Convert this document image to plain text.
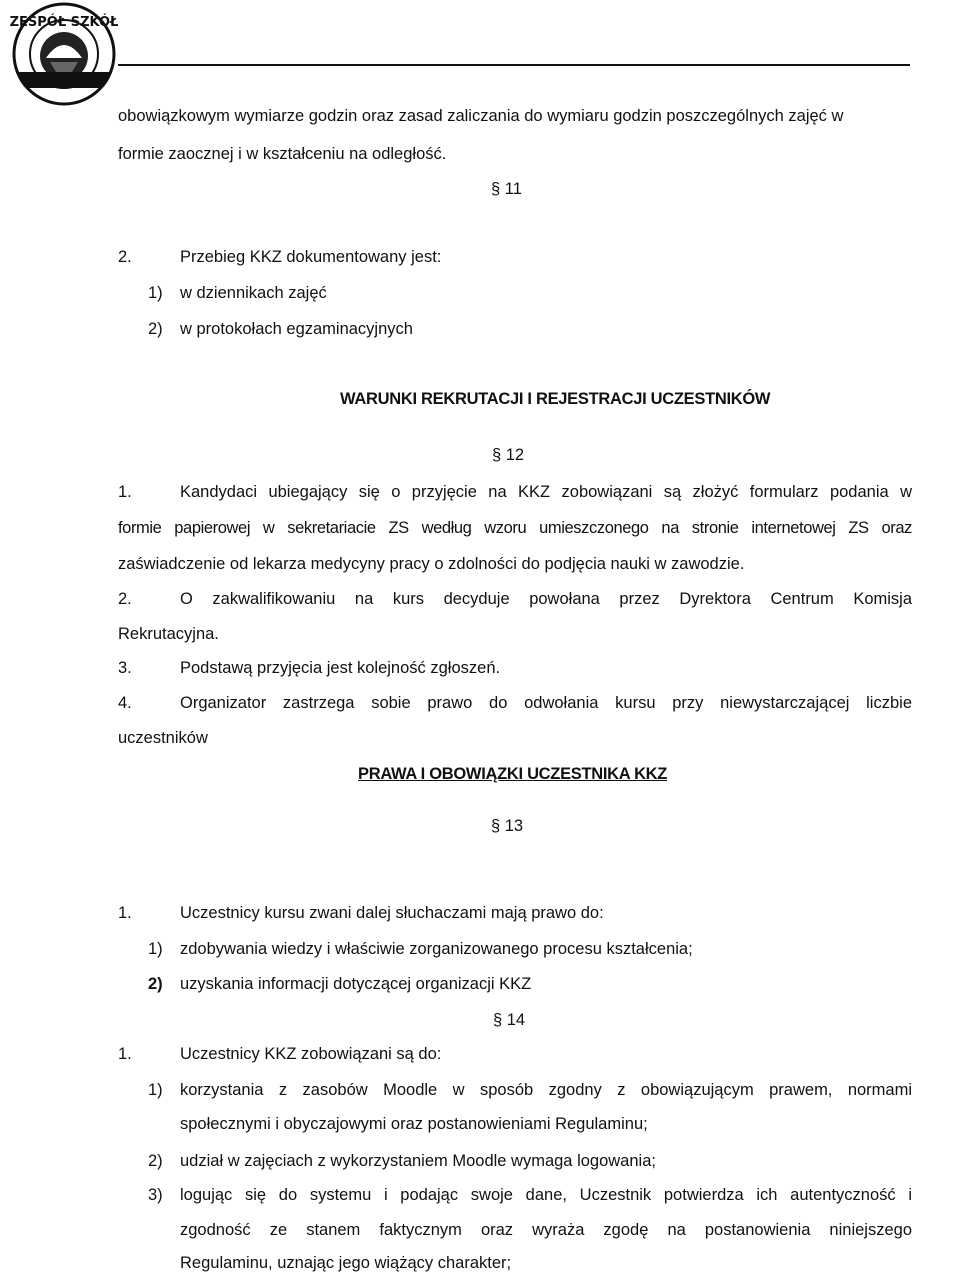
ZESPÓŁ SZKÓŁ
obowiązkowym wymiarze godzin oraz zasad zaliczania do wymiaru godzin poszczególnych zajęć w
formie zaocznej i w kształceniu na odległość.
§ 11
2.	Przebieg KKZ dokumentowany jest:
1) w dziennikach zajęć
2) w protokołach egzaminacyjnych
WARUNKI REKRUTACJI I REJESTRACJI UCZESTNIKÓW
§ 12
1.	Kandydaci ubiegający się o przyjęcie na KKZ zobowiązani są złożyć formularz podania w
formie papierowej w sekretariacie ZS według wzoru umieszczonego na stronie internetowej ZS oraz
zaświadczenie od lekarza medycyny pracy o zdolności do podjęcia nauki w zawodzie.
2.	O zakwalifikowaniu na kurs decyduje powołana przez Dyrektora Centrum Komisja
Rekrutacyjna.
3.	Podstawą przyjęcia jest kolejność zgłoszeń.
4.	Organizator zastrzega sobie prawo do odwołania kursu przy niewystarczającej liczbie
uczestników
PRAWA I OBOWIĄZKI UCZESTNIKA KKZ
§ 13
1.	Uczestnicy kursu zwani dalej słuchaczami mają prawo do:
1) zdobywania wiedzy i właściwie zorganizowanego procesu kształcenia;
2) uzyskania informacji dotyczącej organizacji KKZ
§ 14
1.	Uczestnicy KKZ zobowiązani są do:
1) korzystania z zasobów Moodle w sposób zgodny z obowiązującym prawem, normami
społecznymi i obyczajowymi oraz postanowieniami Regulaminu;
2) udział w zajęciach z wykorzystaniem Moodle wymaga logowania;
3) logując się do systemu i podając swoje dane, Uczestnik potwierdza ich autentyczność i
zgodność ze stanem faktycznym oraz wyraża zgodę na postanowienia niniejszego
Regulaminu, uznając jego wiążący charakter;
